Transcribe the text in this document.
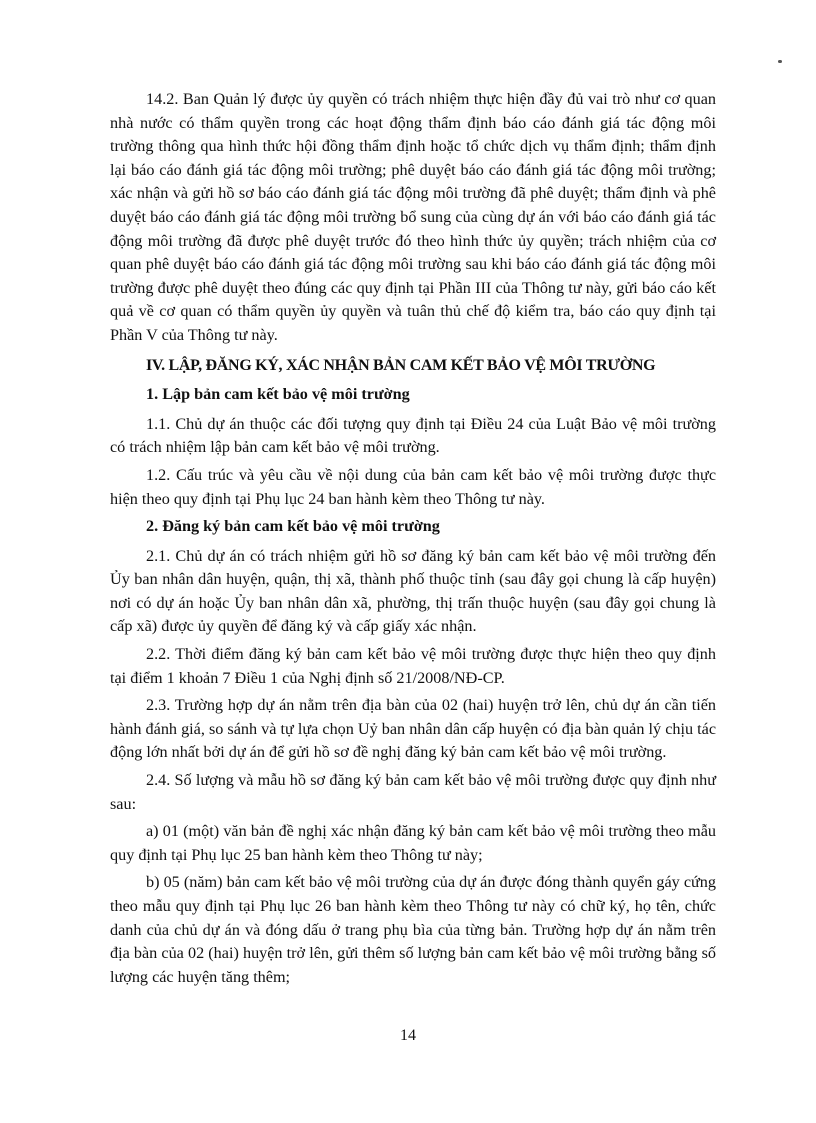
14.2. Ban Quản lý được ủy quyền có trách nhiệm thực hiện đầy đủ vai trò như cơ quan nhà nước có thẩm quyền trong các hoạt động thẩm định báo cáo đánh giá tác động môi trường thông qua hình thức hội đồng thẩm định hoặc tổ chức dịch vụ thẩm định; thẩm định lại báo cáo đánh giá tác động môi trường; phê duyệt báo cáo đánh giá tác động môi trường; xác nhận và gửi hồ sơ báo cáo đánh giá tác động môi trường đã phê duyệt; thẩm định và phê duyệt báo cáo đánh giá tác động môi trường bổ sung của cùng dự án với báo cáo đánh giá tác động môi trường đã được phê duyệt trước đó theo hình thức ủy quyền; trách nhiệm của cơ quan phê duyệt báo cáo đánh giá tác động môi trường sau khi báo cáo đánh giá tác động môi trường được phê duyệt theo đúng các quy định tại Phần III của Thông tư này, gửi báo cáo kết quả về cơ quan có thẩm quyền ủy quyền và tuân thủ chế độ kiểm tra, báo cáo quy định tại Phần V của Thông tư này.

IV. LẬP, ĐĂNG KÝ, XÁC NHẬN BẢN CAM KẾT BẢO VỆ MÔI TRƯỜNG
1. Lập bản cam kết bảo vệ môi trường

1.1. Chủ dự án thuộc các đối tượng quy định tại Điều 24 của Luật Bảo vệ môi trường có trách nhiệm lập bản cam kết bảo vệ môi trường.

1.2. Cấu trúc và yêu cầu về nội dung của bản cam kết bảo vệ môi trường được thực hiện theo quy định tại Phụ lục 24 ban hành kèm theo Thông tư này.

2. Đăng ký bản cam kết bảo vệ môi trường

2.1. Chủ dự án có trách nhiệm gửi hồ sơ đăng ký bản cam kết bảo vệ môi trường đến Ủy ban nhân dân huyện, quận, thị xã, thành phố thuộc tỉnh (sau đây gọi chung là cấp huyện) nơi có dự án hoặc Ủy ban nhân dân xã, phường, thị trấn thuộc huyện (sau đây gọi chung là cấp xã) được ủy quyền để đăng ký và cấp giấy xác nhận.

2.2. Thời điểm đăng ký bản cam kết bảo vệ môi trường được thực hiện theo quy định tại điểm 1 khoản 7 Điều 1 của Nghị định số 21/2008/NĐ-CP.

2.3. Trường hợp dự án nằm trên địa bàn của 02 (hai) huyện trở lên, chủ dự án cần tiến hành đánh giá, so sánh và tự lựa chọn Uỷ ban nhân dân cấp huyện có địa bàn quản lý chịu tác động lớn nhất bởi dự án để gửi hồ sơ đề nghị đăng ký bản cam kết bảo vệ môi trường.

2.4. Số lượng và mẫu hồ sơ đăng ký bản cam kết bảo vệ môi trường được quy định như sau:

a) 01 (một) văn bản đề nghị xác nhận đăng ký bản cam kết bảo vệ môi trường theo mẫu quy định tại Phụ lục 25 ban hành kèm theo Thông tư này;

b) 05 (năm) bản cam kết bảo vệ môi trường của dự án được đóng thành quyển gáy cứng theo mẫu quy định tại Phụ lục 26 ban hành kèm theo Thông tư này có chữ ký, họ tên, chức danh của chủ dự án và đóng dấu ở trang phụ bìa của từng bản. Trường hợp dự án nằm trên địa bàn của 02 (hai) huyện trở lên, gửi thêm số lượng bản cam kết bảo vệ môi trường bằng số lượng các huyện tăng thêm;

14
